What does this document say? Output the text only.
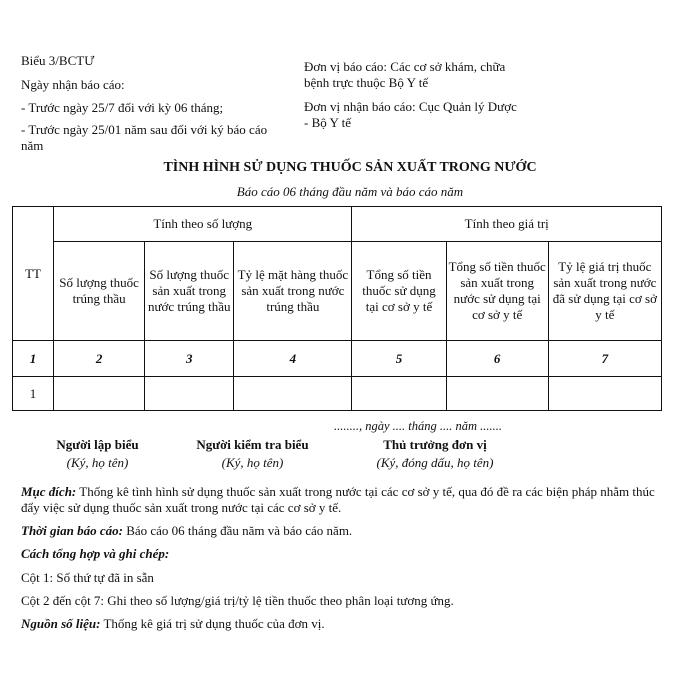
Biểu 3/BCTƯ
Ngày nhận báo cáo:
- Trước ngày 25/7 đối với kỳ 06 tháng;
- Trước ngày 25/01 năm sau đối với ký báo cáo
năm
Đơn vị báo cáo: Các cơ sở khám, chữa
bệnh trực thuộc Bộ Y tế
Đơn vị nhận báo cáo: Cục Quản lý Dược
- Bộ Y tế
TÌNH HÌNH SỬ DỤNG THUỐC SẢN XUẤT TRONG NƯỚC
Báo cáo 06 tháng đầu năm và báo cáo năm
TT	Tính theo số lượng			Tính theo giá trị		
	Số lượng thuốc trúng thầu	Số lượng thuốc sản xuất trong nước trúng thầu	Tỷ lệ mặt hàng thuốc sản xuất trong nước trúng thầu	Tổng số tiền thuốc sử dụng tại cơ sở y tế	Tổng số tiền thuốc sản xuất trong nước sử dụng tại cơ sở y tế	Tỷ lệ giá trị thuốc sản xuất trong nước đã sử dụng tại cơ sở y tế
1	2	3	4	5	6	7
1						
........, ngày .... tháng .... năm .......
Người lập biểu
(Ký, họ tên)
Người kiểm tra biểu
(Ký, họ tên)
Thủ trưởng đơn vị
(Ký, đóng dấu, họ tên)
Mục đích: Thống kê tình hình sử dụng thuốc sản xuất trong nước tại các cơ sở y tế, qua đó đề ra các biện pháp nhằm thúc đẩy việc sử dụng thuốc sản xuất trong nước tại các cơ sở y tế.
Thời gian báo cáo: Báo cáo 06 tháng đầu năm và báo cáo năm.
Cách tổng hợp và ghi chép:
Cột 1: Số thứ tự đã in sẵn
Cột 2 đến cột 7: Ghi theo số lượng/giá trị/tỷ lệ tiền thuốc theo phân loại tương ứng.
Nguồn số liệu: Thống kê giá trị sử dụng thuốc của đơn vị.
